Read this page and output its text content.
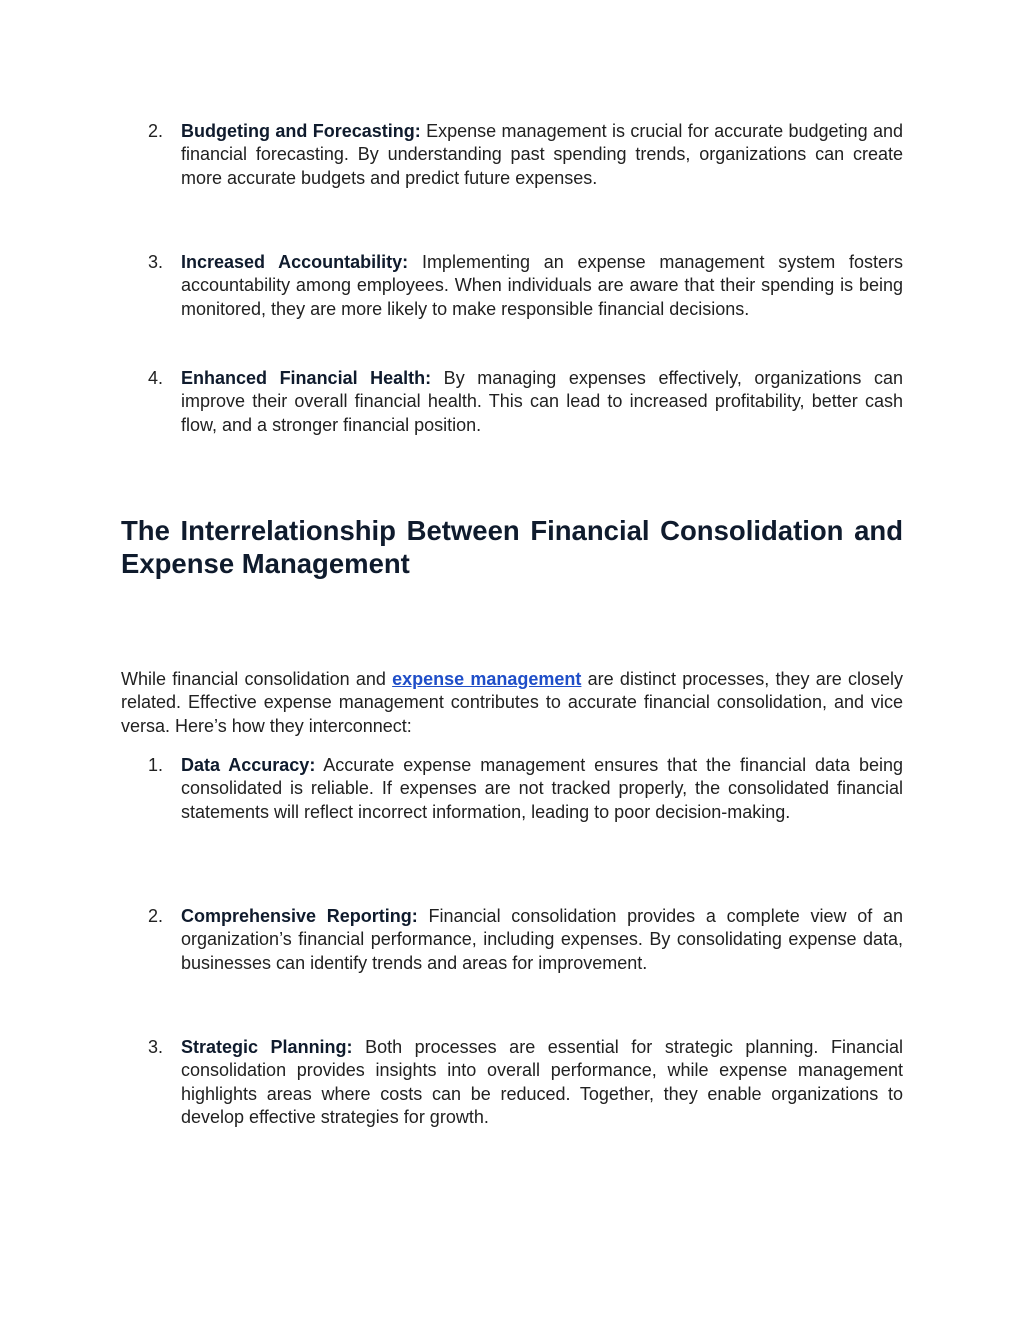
2. Budgeting and Forecasting: Expense management is crucial for accurate budgeting and financial forecasting. By understanding past spending trends, organizations can create more accurate budgets and predict future expenses.
3. Increased Accountability: Implementing an expense management system fosters accountability among employees. When individuals are aware that their spending is being monitored, they are more likely to make responsible financial decisions.
4. Enhanced Financial Health: By managing expenses effectively, organizations can improve their overall financial health. This can lead to increased profitability, better cash flow, and a stronger financial position.
The Interrelationship Between Financial Consolidation and Expense Management

While financial consolidation and expense management are distinct processes, they are closely related. Effective expense management contributes to accurate financial consolidation, and vice versa. Here’s how they interconnect:

1. Data Accuracy: Accurate expense management ensures that the financial data being consolidated is reliable. If expenses are not tracked properly, the consolidated financial statements will reflect incorrect information, leading to poor decision-making.
2. Comprehensive Reporting: Financial consolidation provides a complete view of an organization’s financial performance, including expenses. By consolidating expense data, businesses can identify trends and areas for improvement.
3. Strategic Planning: Both processes are essential for strategic planning. Financial consolidation provides insights into overall performance, while expense management highlights areas where costs can be reduced. Together, they enable organizations to develop effective strategies for growth.
